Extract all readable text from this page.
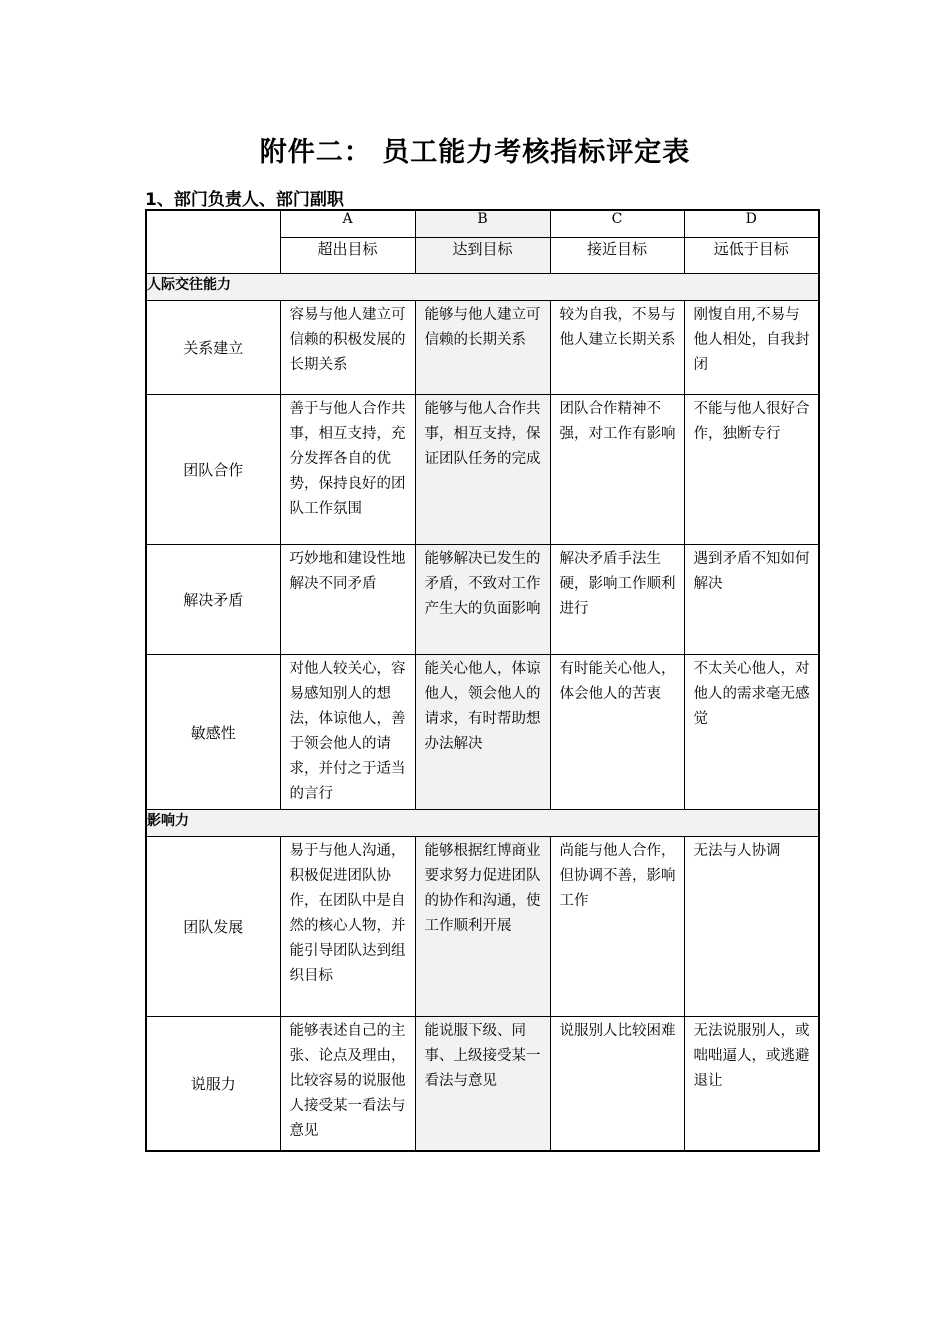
附件二： 员工能力考核指标评定表
1、部门负责人、部门副职
	A	B	C	D
	超出目标	达到目标	接近目标	远低于目标
人际交往能力				
关系建立	容易与他人建立可信赖的积极发展的长期关系	能够与他人建立可信赖的长期关系	较为自我，不易与他人建立长期关系	刚愎自用,不易与他人相处，自我封闭
团队合作	善于与他人合作共事，相互支持，充分发挥各自的优势，保持良好的团队工作氛围	能够与他人合作共事，相互支持，保证团队任务的完成	团队合作精神不强，对工作有影响	不能与他人很好合作，独断专行
解决矛盾	巧妙地和建设性地解决不同矛盾	能够解决已发生的矛盾，不致对工作产生大的负面影响	解决矛盾手法生硬，影响工作顺利进行	遇到矛盾不知如何解决
敏感性	对他人较关心，容易感知别人的想法，体谅他人，善于领会他人的请求，并付之于适当的言行	能关心他人，体谅他人，领会他人的请求，有时帮助想办法解决	有时能关心他人，体会他人的苦衷	不太关心他人，对他人的需求毫无感觉
影响力				
团队发展	易于与他人沟通，积极促进团队协作，在团队中是自然的核心人物，并能引导团队达到组织目标	能够根据红博商业要求努力促进团队的协作和沟通，使工作顺利开展	尚能与他人合作，但协调不善，影响工作	无法与人协调
说服力	能够表述自己的主张、论点及理由，比较容易的说服他人接受某一看法与意见	能说服下级、同事、上级接受某一看法与意见	说服别人比较困难	无法说服别人，或咄咄逼人，或逃避退让
